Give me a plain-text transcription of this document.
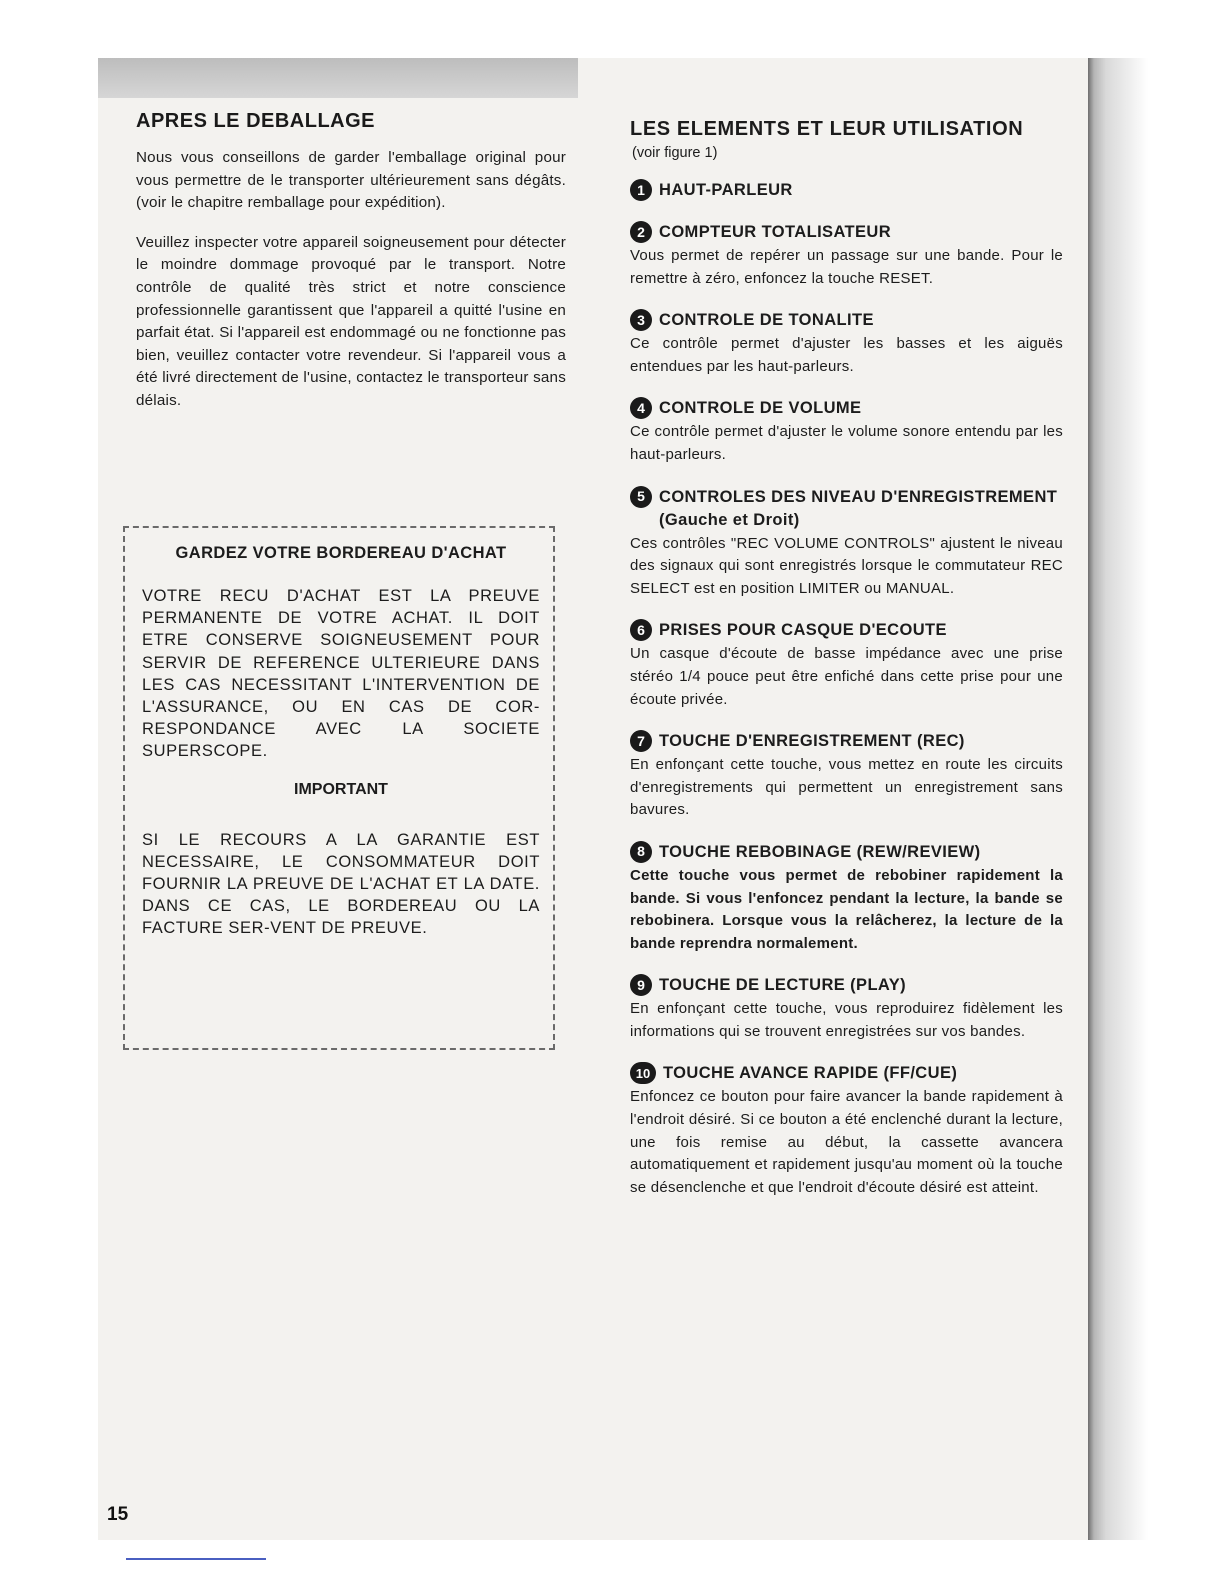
APRES LE DEBALLAGE

Nous vous conseillons de garder l'emballage original pour vous permettre de le transporter ultérieurement sans dégâts. (voir le chapitre remballage pour expédition).

Veuillez inspecter votre appareil soigneusement pour détecter le moindre dommage provoqué par le transport. Notre contrôle de qualité très strict et notre conscience professionnelle garantissent que l'appareil a quitté l'usine en parfait état. Si l'appareil est endommagé ou ne fonctionne pas bien, veuillez contacter votre revendeur. Si l'appareil vous a été livré directement de l'usine, contactez le transporteur sans délais.

GARDEZ VOTRE BORDEREAU D'ACHAT

VOTRE RECU D'ACHAT EST LA PREUVE PERMANENTE DE VOTRE ACHAT. IL DOIT ETRE CONSERVE SOIGNEUSEMENT POUR SERVIR DE REFERENCE ULTERIEURE DANS LES CAS NECESSITANT L'INTERVENTION DE L'ASSURANCE, OU EN CAS DE COR-RESPONDANCE AVEC LA SOCIETE SUPERSCOPE.

IMPORTANT

SI LE RECOURS A LA GARANTIE EST NECESSAIRE, LE CONSOMMATEUR DOIT FOURNIR LA PREUVE DE L'ACHAT ET LA DATE. DANS CE CAS, LE BORDEREAU OU LA FACTURE SER-VENT DE PREUVE.

LES ELEMENTS ET LEUR UTILISATION
(voir figure 1)
1 HAUT-PARLEUR
2 COMPTEUR TOTALISATEUR

Vous permet de repérer un passage sur une bande. Pour le remettre à zéro, enfoncez la touche RESET.

3 CONTROLE DE TONALITE

Ce contrôle permet d'ajuster les basses et les aiguës entendues par les haut-parleurs.

4 CONTROLE DE VOLUME

Ce contrôle permet d'ajuster le volume sonore entendu par les haut-parleurs.

5 CONTROLES DES NIVEAU D'ENREGISTREMENT (Gauche et Droit)

Ces contrôles "REC VOLUME CONTROLS" ajustent le niveau des signaux qui sont enregistrés lorsque le commutateur REC SELECT est en position LIMITER ou MANUAL.

6 PRISES POUR CASQUE D'ECOUTE

Un casque d'écoute de basse impédance avec une prise stéréo 1/4 pouce peut être enfiché dans cette prise pour une écoute privée.

7 TOUCHE D'ENREGISTREMENT (REC)

En enfonçant cette touche, vous mettez en route les circuits d'enregistrements qui permettent un enregistrement sans bavures.

8 TOUCHE REBOBINAGE (REW/REVIEW)

Cette touche vous permet de rebobiner rapidement la bande. Si vous l'enfoncez pendant la lecture, la bande se rebobinera. Lorsque vous la relâcherez, la lecture de la bande reprendra normalement.

9 TOUCHE DE LECTURE (PLAY)

En enfonçant cette touche, vous reproduirez fidèlement les informations qui se trouvent enregistrées sur vos bandes.

10 TOUCHE AVANCE RAPIDE (FF/CUE)

Enfoncez ce bouton pour faire avancer la bande rapidement à l'endroit désiré. Si ce bouton a été enclenché durant la lecture, une fois remise au début, la cassette avancera automatiquement et rapidement jusqu'au moment où la touche se désenclenche et que l'endroit d'écoute désiré est atteint.

15
